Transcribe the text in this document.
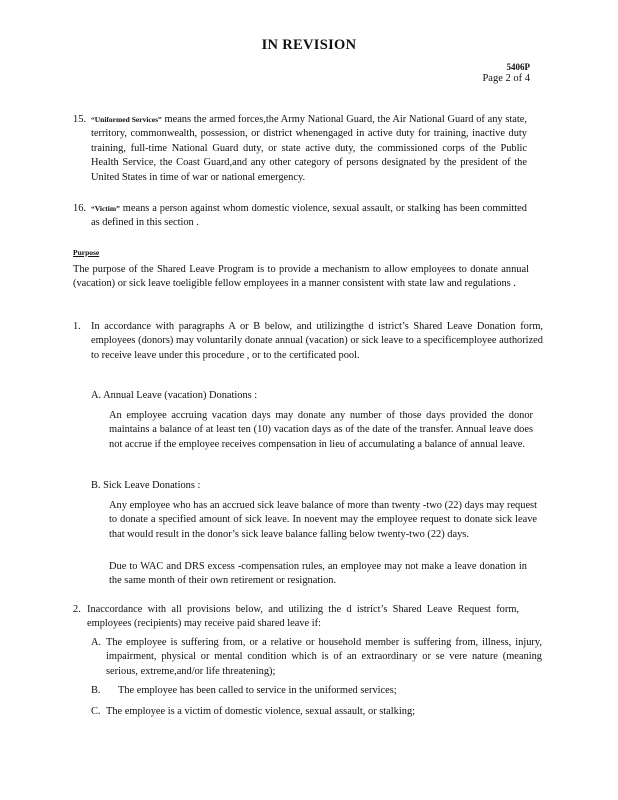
IN REVISION
5406P
Page 2 of 4
15. “Uniformed Services” means the armed forces,the Army National Guard, the Air National Guard of any state, territory, commonwealth, possession, or district whenengaged in active duty for training, inactive duty training, full-time National Guard duty, or state active duty, the commissioned corps of the Public Health Service, the Coast Guard,and any other category of persons designated by the president of the United States in time of war or national emergency.
16. “Victim” means a person against whom domestic violence, sexual assault, or stalking has been committed as defined in this section .
Purpose
The purpose of the Shared Leave Program is to provide a mechanism to allow employees to donate annual (vacation) or sick leave toeligible fellow employees in a manner consistent with state law and regulations .
1. In accordance with paragraphs A or B below, and utilizingthe d istrict’s Shared Leave Donation form, employees (donors) may voluntarily donate annual (vacation) or sick leave to a specificemployee authorized to receive leave under this procedure , or to the certificated pool.
A. Annual Leave (vacation) Donations :
An employee accruing vacation days may donate any number of those days provided the donor maintains a balance of at least ten (10) vacation days as of the date of the transfer. Annual leave does not accrue if the employee receives compensation in lieu of accumulating a balance of annual leave.
B. Sick Leave Donations :
Any employee who has an accrued sick leave balance of more than twenty -two (22) days may request to donate a specified amount of sick leave. In noevent may the employee request to donate sick leave that would result in the donor’s sick leave balance falling below twenty-two (22) days.
Due to WAC and DRS excess -compensation rules, an employee may not make a leave donation in the same month of their own retirement or resignation.
2. Inaccordance with all provisions below, and utilizing the d istrict’s Shared Leave Request form, employees (recipients) may receive paid shared leave if:
A. The employee is suffering from, or a relative or household member is suffering from, illness, injury, impairment, physical or mental condition which is of an extraordinary or se vere nature (meaning serious, extreme,and/or life threatening);
B. The employee has been called to service in the uniformed services;
C. The employee is a victim of domestic violence, sexual assault, or stalking;
